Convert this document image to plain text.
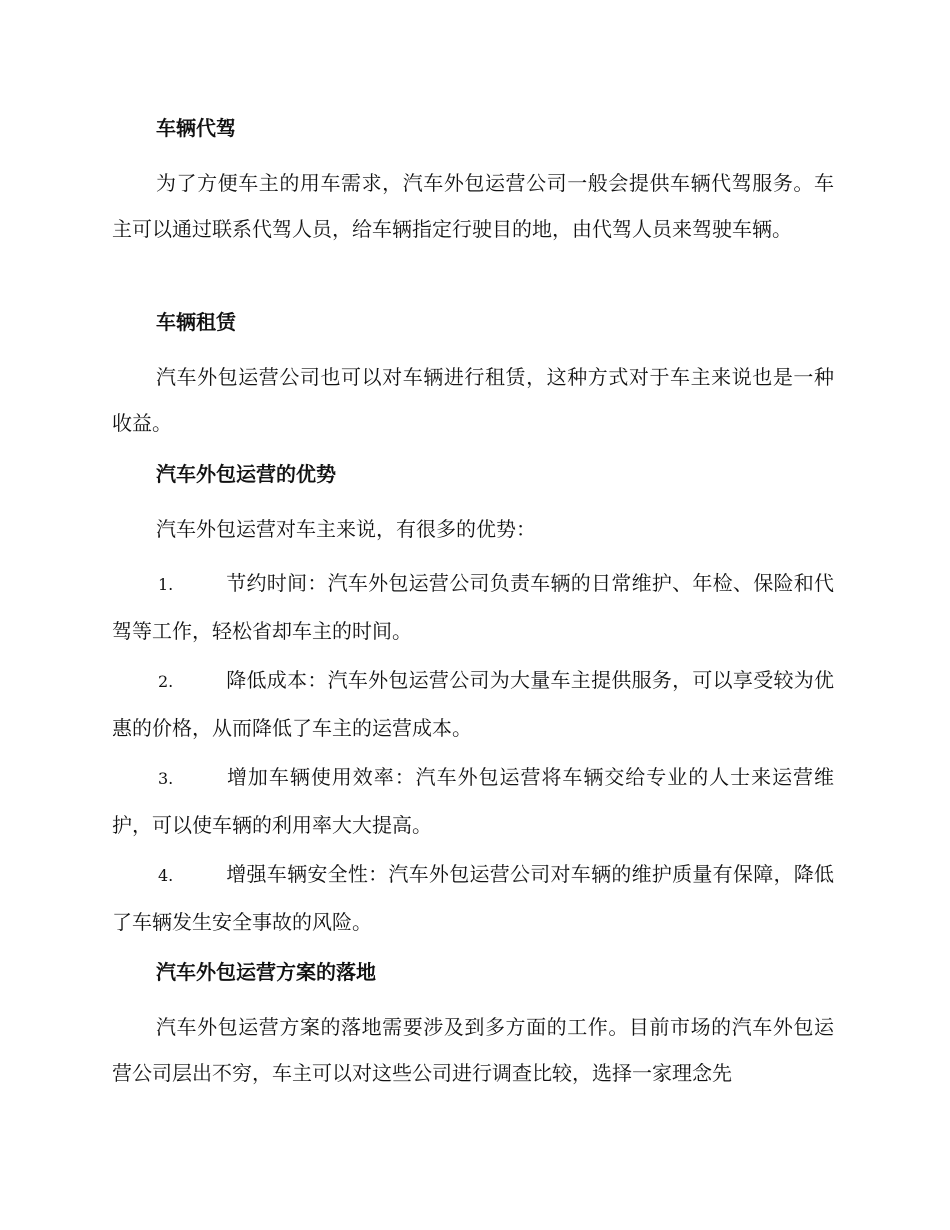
车辆代驾

为了方便车主的用车需求，汽车外包运营公司一般会提供车辆代驾服务。车主可以通过联系代驾人员，给车辆指定行驶目的地，由代驾人员来驾驶车辆。

车辆租赁

汽车外包运营公司也可以对车辆进行租赁，这种方式对于车主来说也是一种收益。

汽车外包运营的优势

汽车外包运营对车主来说，有很多的优势：

1.	节约时间：汽车外包运营公司负责车辆的日常维护、年检、保险和代驾等工作，轻松省却车主的时间。

2.	降低成本：汽车外包运营公司为大量车主提供服务，可以享受较为优惠的价格，从而降低了车主的运营成本。

3.	增加车辆使用效率：汽车外包运营将车辆交给专业的人士来运营维护，可以使车辆的利用率大大提高。

4.	增强车辆安全性：汽车外包运营公司对车辆的维护质量有保障，降低了车辆发生安全事故的风险。

汽车外包运营方案的落地

汽车外包运营方案的落地需要涉及到多方面的工作。目前市场的汽车外包运营公司层出不穷，车主可以对这些公司进行调查比较，选择一家理念先
